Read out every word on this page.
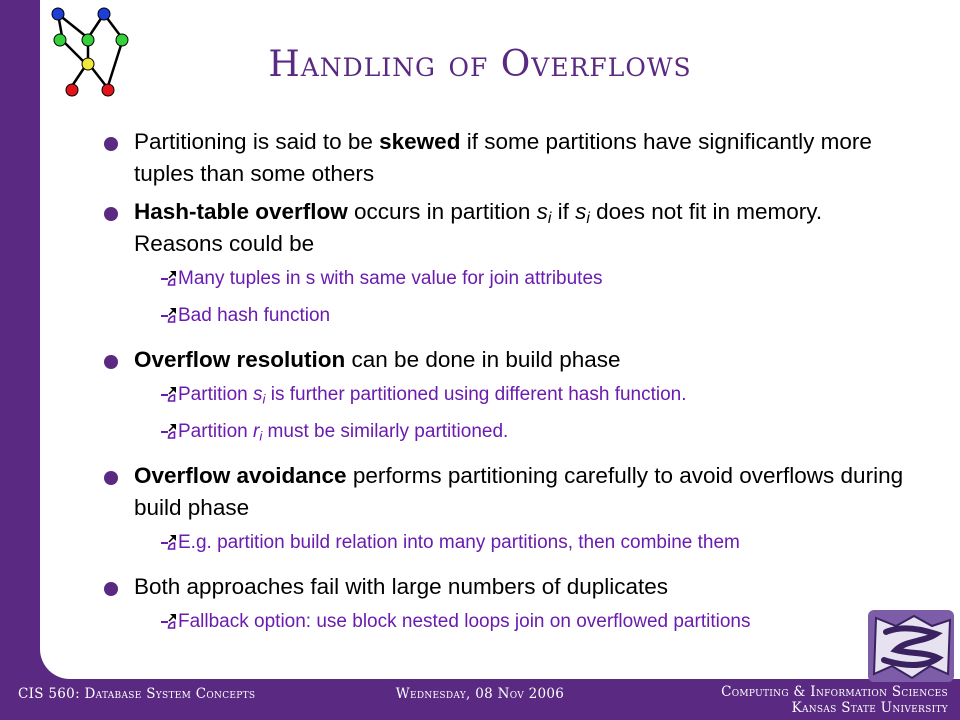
Handling of Overflows
Partitioning is said to be skewed if some partitions have significantly more tuples than some others
Hash-table overflow occurs in partition $s_i$ if $s_i$ does not fit in memory. Reasons could be
Many tuples in s with same value for join attributes
Bad hash function
Overflow resolution can be done in build phase
Partition $s_i$ is further partitioned using different hash function.
Partition $r_i$ must be similarly partitioned.
Overflow avoidance performs partitioning carefully to avoid overflows during build phase
E.g. partition build relation into many partitions, then combine them
Both approaches fail with large numbers of duplicates
Fallback option: use block nested loops join on overflowed partitions
CIS 560: Database System Concepts	Wednesday, 08 Nov 2006	Computing & Information Sciences
Kansas State University
